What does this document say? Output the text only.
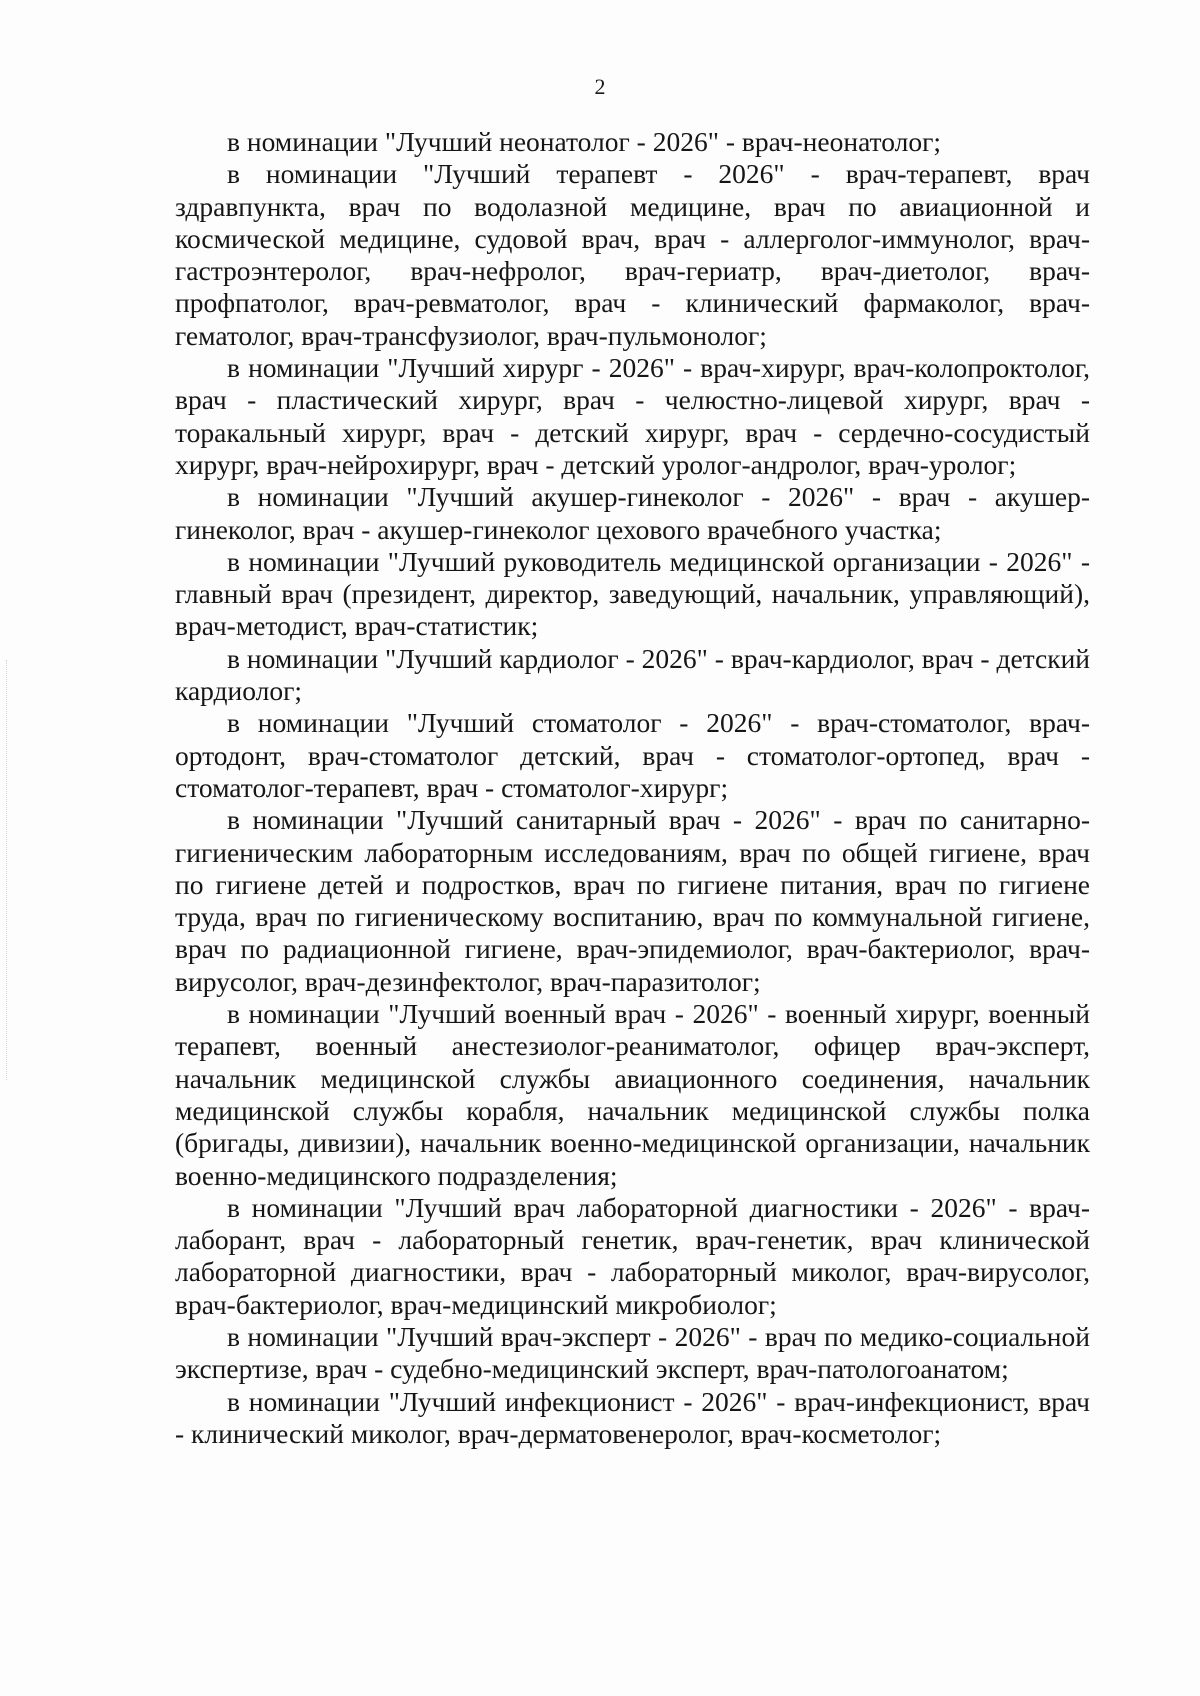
2

в номинации "Лучший неонатолог - 2026" - врач-неонатолог;

в номинации "Лучший терапевт - 2026" - врач-терапевт, врач здравпункта, врач по водолазной медицине, врач по авиационной и космической медицине, судовой врач, врач - аллерголог-иммунолог, врач-гастроэнтеролог, врач-нефролог, врач-гериатр, врач-диетолог, врач-профпатолог, врач-ревматолог, врач - клинический фармаколог, врач-гематолог, врач-трансфузиолог, врач-пульмонолог;

в номинации "Лучший хирург - 2026" - врач-хирург, врач-колопроктолог, врач - пластический хирург, врач - челюстно-лицевой хирург, врач - торакальный хирург, врач - детский хирург, врач - сердечно-сосудистый хирург, врач-нейрохирург, врач - детский уролог-андролог, врач-уролог;

в номинации "Лучший акушер-гинеколог - 2026" - врач - акушер-гинеколог, врач - акушер-гинеколог цехового врачебного участка;

в номинации "Лучший руководитель медицинской организации - 2026" - главный врач (президент, директор, заведующий, начальник, управляющий), врач-методист, врач-статистик;

в номинации "Лучший кардиолог - 2026" - врач-кардиолог, врач - детский кардиолог;

в номинации "Лучший стоматолог - 2026" - врач-стоматолог, врач-ортодонт, врач-стоматолог детский, врач - стоматолог-ортопед, врач - стоматолог-терапевт, врач - стоматолог-хирург;

в номинации "Лучший санитарный врач - 2026" - врач по санитарно-гигиеническим лабораторным исследованиям, врач по общей гигиене, врач по гигиене детей и подростков, врач по гигиене питания, врач по гигиене труда, врач по гигиеническому воспитанию, врач по коммунальной гигиене, врач по радиационной гигиене, врач-эпидемиолог, врач-бактериолог, врач-вирусолог, врач-дезинфектолог, врач-паразитолог;

в номинации "Лучший военный врач - 2026" - военный хирург, военный терапевт, военный анестезиолог-реаниматолог, офицер врач-эксперт, начальник медицинской службы авиационного соединения, начальник медицинской службы корабля, начальник медицинской службы полка (бригады, дивизии), начальник военно-медицинской организации, начальник военно-медицинского подразделения;

в номинации "Лучший врач лабораторной диагностики - 2026" - врач-лаборант, врач - лабораторный генетик, врач-генетик, врач клинической лабораторной диагностики, врач - лабораторный миколог, врач-вирусолог, врач-бактериолог, врач-медицинский микробиолог;

в номинации "Лучший врач-эксперт - 2026" - врач по медико-социальной экспертизе, врач - судебно-медицинский эксперт, врач-патологоанатом;

в номинации "Лучший инфекционист - 2026" - врач-инфекционист, врач - клинический миколог, врач-дерматовенеролог, врач-косметолог;
